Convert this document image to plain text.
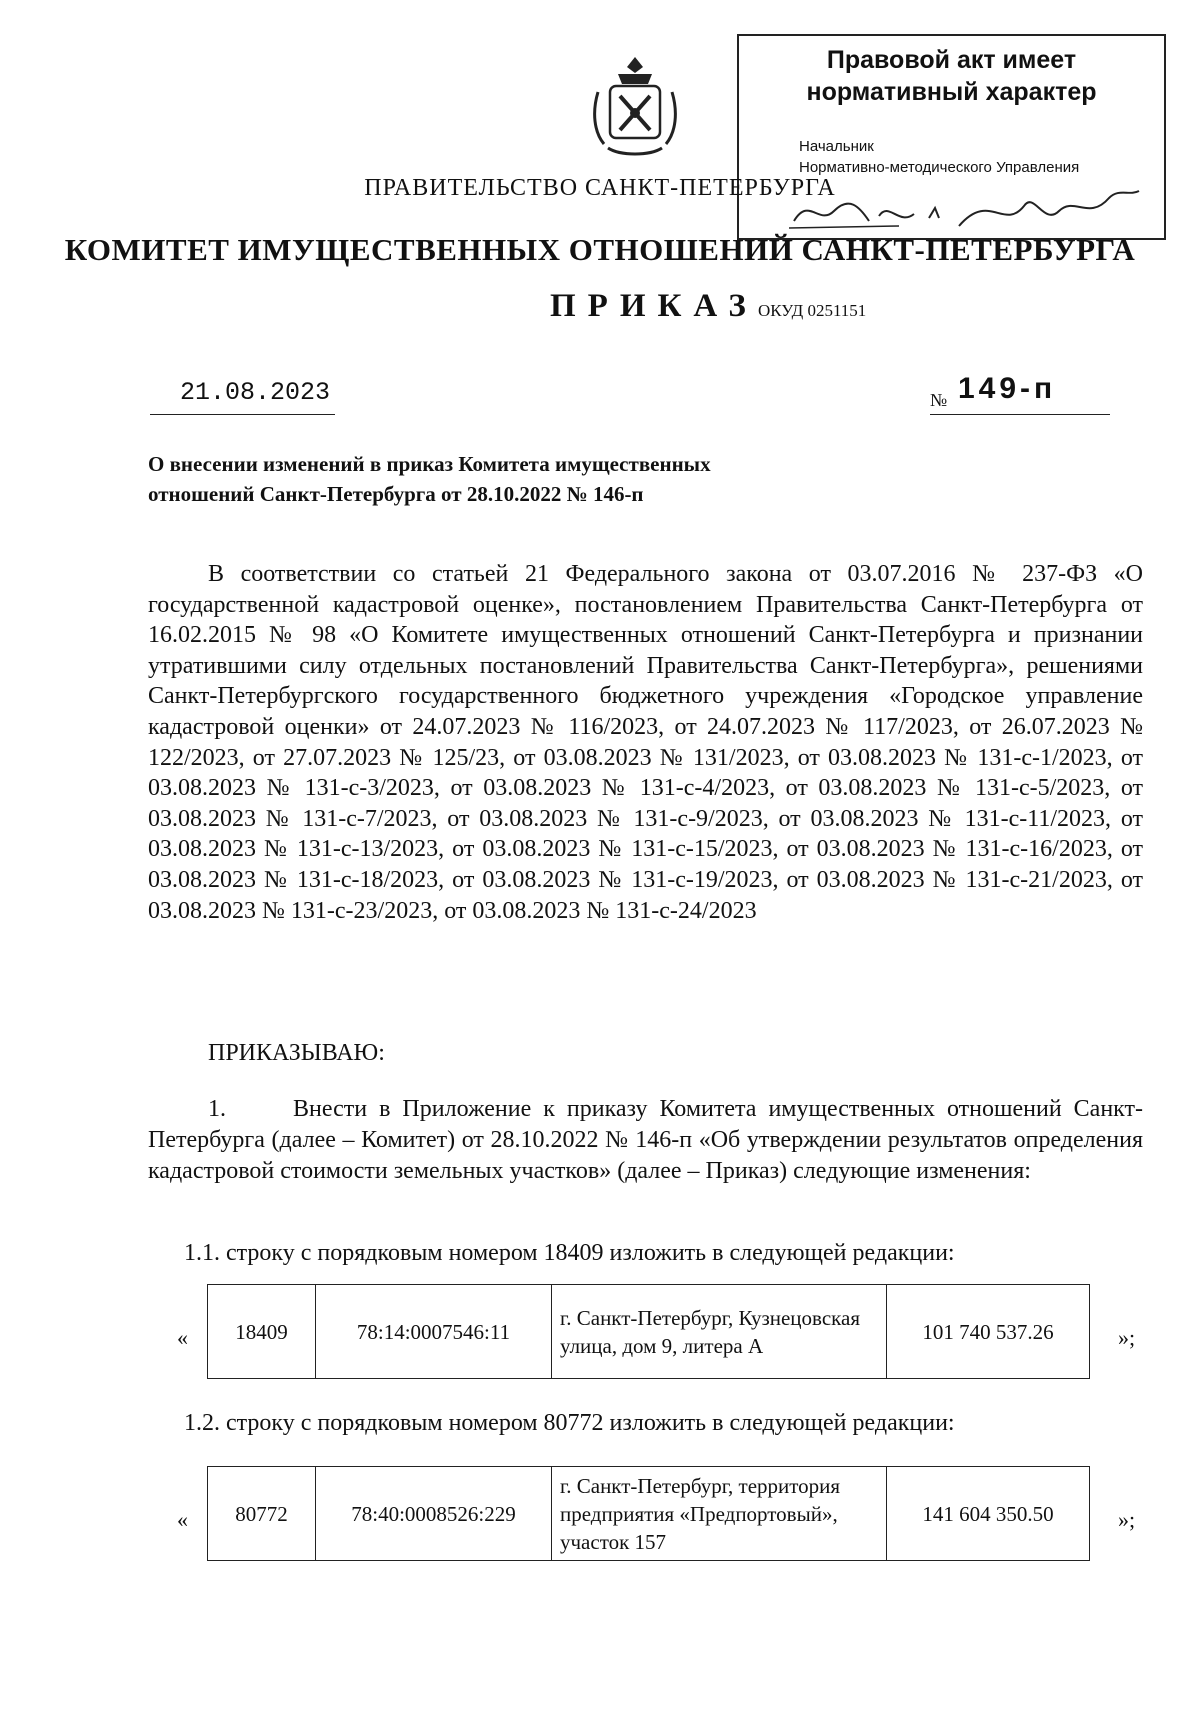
Правовой акт имеет нормативный характер
Начальник
Нормативно-методического Управления
ПРАВИТЕЛЬСТВО САНКТ-ПЕТЕРБУРГА
КОМИТЕТ ИМУЩЕСТВЕННЫХ ОТНОШЕНИЙ САНКТ-ПЕТЕРБУРГА
ПРИКАЗ ОКУД 0251151
21.08.2023	№ 149-п
О внесении изменений в приказ Комитета имущественных отношений Санкт-Петербурга от 28.10.2022 № 146-п
В соответствии со статьей 21 Федерального закона от 03.07.2016 № 237-ФЗ «О государственной кадастровой оценке», постановлением Правительства Санкт-Петербурга от 16.02.2015 № 98 «О Комитете имущественных отношений Санкт-Петербурга и признании утратившими силу отдельных постановлений Правительства Санкт-Петербурга», решениями Санкт-Петербургского государственного бюджетного учреждения «Городское управление кадастровой оценки» от 24.07.2023 № 116/2023, от 24.07.2023 № 117/2023, от 26.07.2023 № 122/2023, от 27.07.2023 № 125/23, от 03.08.2023 № 131/2023, от 03.08.2023 № 131-с-1/2023, от 03.08.2023 № 131-с-3/2023, от 03.08.2023 № 131-с-4/2023, от 03.08.2023 № 131-с-5/2023, от 03.08.2023 № 131-с-7/2023, от 03.08.2023 № 131-с-9/2023, от 03.08.2023 № 131-с-11/2023, от 03.08.2023 № 131-с-13/2023, от 03.08.2023 № 131-с-15/2023, от 03.08.2023 № 131-с-16/2023, от 03.08.2023 № 131-с-18/2023, от 03.08.2023 № 131-с-19/2023, от 03.08.2023 № 131-с-21/2023, от 03.08.2023 № 131-с-23/2023, от 03.08.2023 № 131-с-24/2023
ПРИКАЗЫВАЮ:
1.	Внести в Приложение к приказу Комитета имущественных отношений Санкт-Петербурга (далее – Комитет) от 28.10.2022 № 146-п «Об утверждении результатов определения кадастровой стоимости земельных участков» (далее – Приказ) следующие изменения:
1.1. строку с порядковым номером 18409 изложить в следующей редакции:
« 18409	78:14:0007546:11	г. Санкт-Петербург, Кузнецовская улица, дом 9, литера А	101 740 537.26	»;
1.2. строку с порядковым номером 80772 изложить в следующей редакции:
« 80772	78:40:0008526:229	г. Санкт-Петербург, территория предприятия «Предпортовый», участок 157	141 604 350.50	»;
